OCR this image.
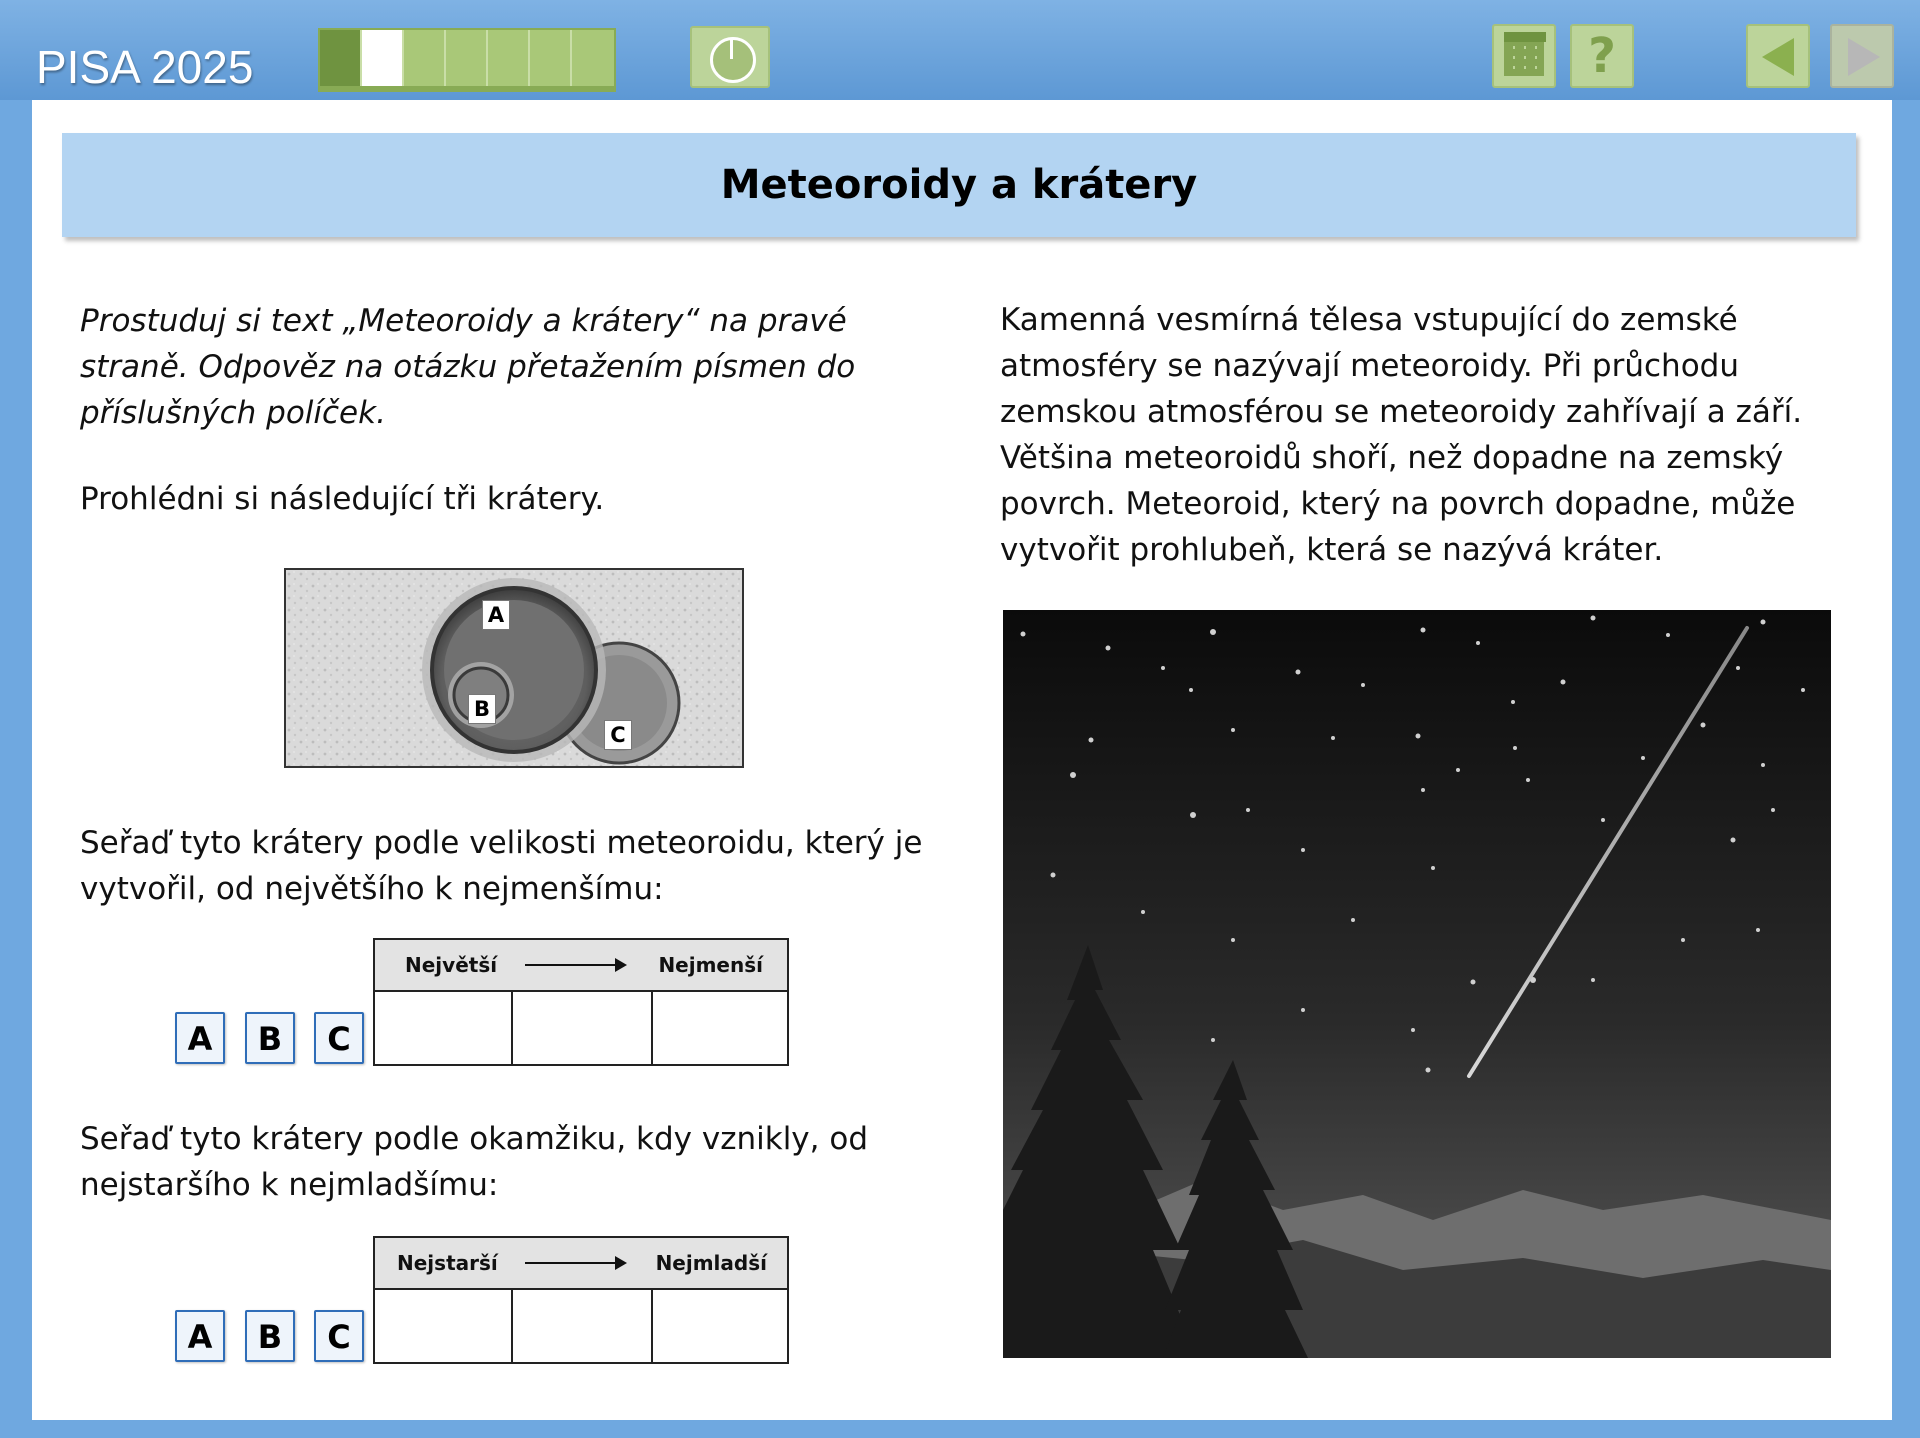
PISA 2025	?
Meteoroidy a krátery
Prostuduj si text „Meteoroidy a krátery“ na pravé straně. Odpověz na otázku přetažením písmen do příslušných políček.
Prohlédni si následující tři krátery.
A
B
C
Seřaď tyto krátery podle velikosti meteoroidu, který je vytvořil, od největšího k nejmenšímu:
Největší	Nejmenší
A	B	C
Seřaď tyto krátery podle okamžiku, kdy vznikly, od nejstaršího k nejmladšímu:
Nejstarší	Nejmladší
A	B	C
Kamenná vesmírná tělesa vstupující do zemské atmosféry se nazývají meteoroidy. Při průchodu zemskou atmosférou se meteoroidy zahřívají a září. Většina meteoroidů shoří, než dopadne na zemský povrch. Meteoroid, který na povrch dopadne, může vytvořit prohlubeň, která se nazývá kráter.
